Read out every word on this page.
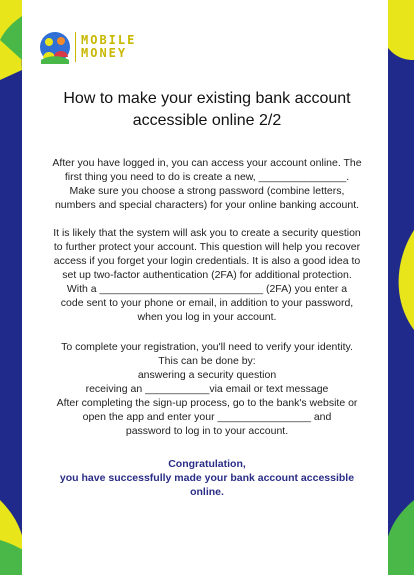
MOBILE
MONEY
How to make your existing bank account accessible online 2/2

After you have logged in, you can access your account online. The

first thing you need to do is create a new, _______________.

Make sure you choose a strong password (combine letters,

numbers and special characters) for your online banking account.

It is likely that the system will ask you to create a security question

to further protect your account. This question will help you recover

access if you forget your login credentials. It is also a good idea to

set up two-factor authentication (2FA) for additional protection.

With a ____________________________ (2FA) you enter a

code sent to your phone or email, in addition to your password,

when you log in your account.

To complete your registration, you'll need to verify your identity.

This can be done by:

answering a security question

receiving an ___________via email or text message

After completing the sign-up process, go to the bank's website or

open the app and enter your ________________ and

password to log in to your account.

Congratulation,

you have successfully made your bank account accessible

online.
